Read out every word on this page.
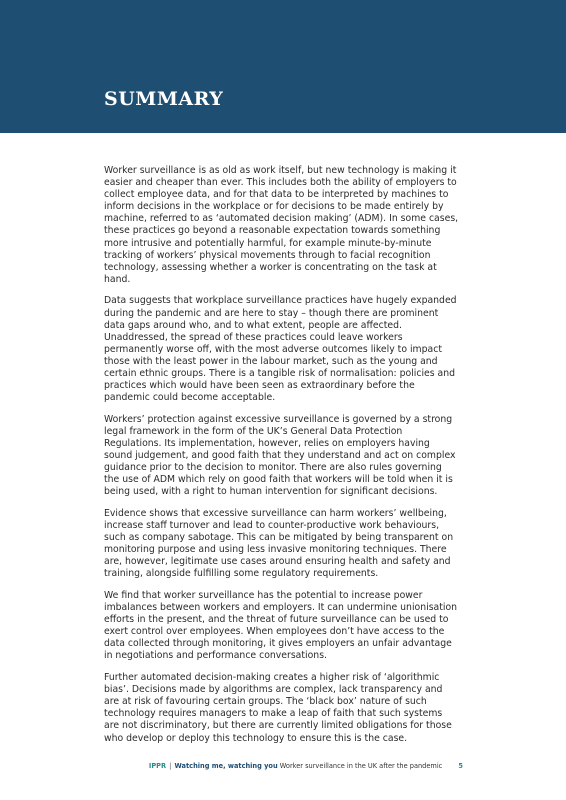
SUMMARY

Worker surveillance is as old as work itself, but new technology is making it easier and cheaper than ever. This includes both the ability of employers to collect employee data, and for that data to be interpreted by machines to inform decisions in the workplace or for decisions to be made entirely by machine, referred to as ‘automated decision making’ (ADM). In some cases, these practices go beyond a reasonable expectation towards something more intrusive and potentially harmful, for example minute-by-minute tracking of workers’ physical movements through to facial recognition technology, assessing whether a worker is concentrating on the task at hand.

Data suggests that workplace surveillance practices have hugely expanded during the pandemic and are here to stay – though there are prominent data gaps around who, and to what extent, people are affected. Unaddressed, the spread of these practices could leave workers permanently worse off, with the most adverse outcomes likely to impact those with the least power in the labour market, such as the young and certain ethnic groups. There is a tangible risk of normalisation: policies and practices which would have been seen as extraordinary before the pandemic could become acceptable.

Workers’ protection against excessive surveillance is governed by a strong legal framework in the form of the UK’s General Data Protection Regulations. Its implementation, however, relies on employers having sound judgement, and good faith that they understand and act on complex guidance prior to the decision to monitor. There are also rules governing the use of ADM which rely on good faith that workers will be told when it is being used, with a right to human intervention for significant decisions.

Evidence shows that excessive surveillance can harm workers’ wellbeing, increase staff turnover and lead to counter-productive work behaviours, such as company sabotage. This can be mitigated by being transparent on monitoring purpose and using less invasive monitoring techniques. There are, however, legitimate use cases around ensuring health and safety and training, alongside fulfilling some regulatory requirements.

We find that worker surveillance has the potential to increase power imbalances between workers and employers. It can undermine unionisation efforts in the present, and the threat of future surveillance can be used to exert control over employees. When employees don’t have access to the data collected through monitoring, it gives employers an unfair advantage in negotiations and performance conversations.

Further automated decision-making creates a higher risk of ‘algorithmic bias’. Decisions made by algorithms are complex, lack transparency and are at risk of favouring certain groups. The ‘black box’ nature of such technology requires managers to make a leap of faith that such systems are not discriminatory, but there are currently limited obligations for those who develop or deploy this technology to ensure this is the case.

IPPR | Watching me, watching you Worker surveillance in the UK after the pandemic 5
